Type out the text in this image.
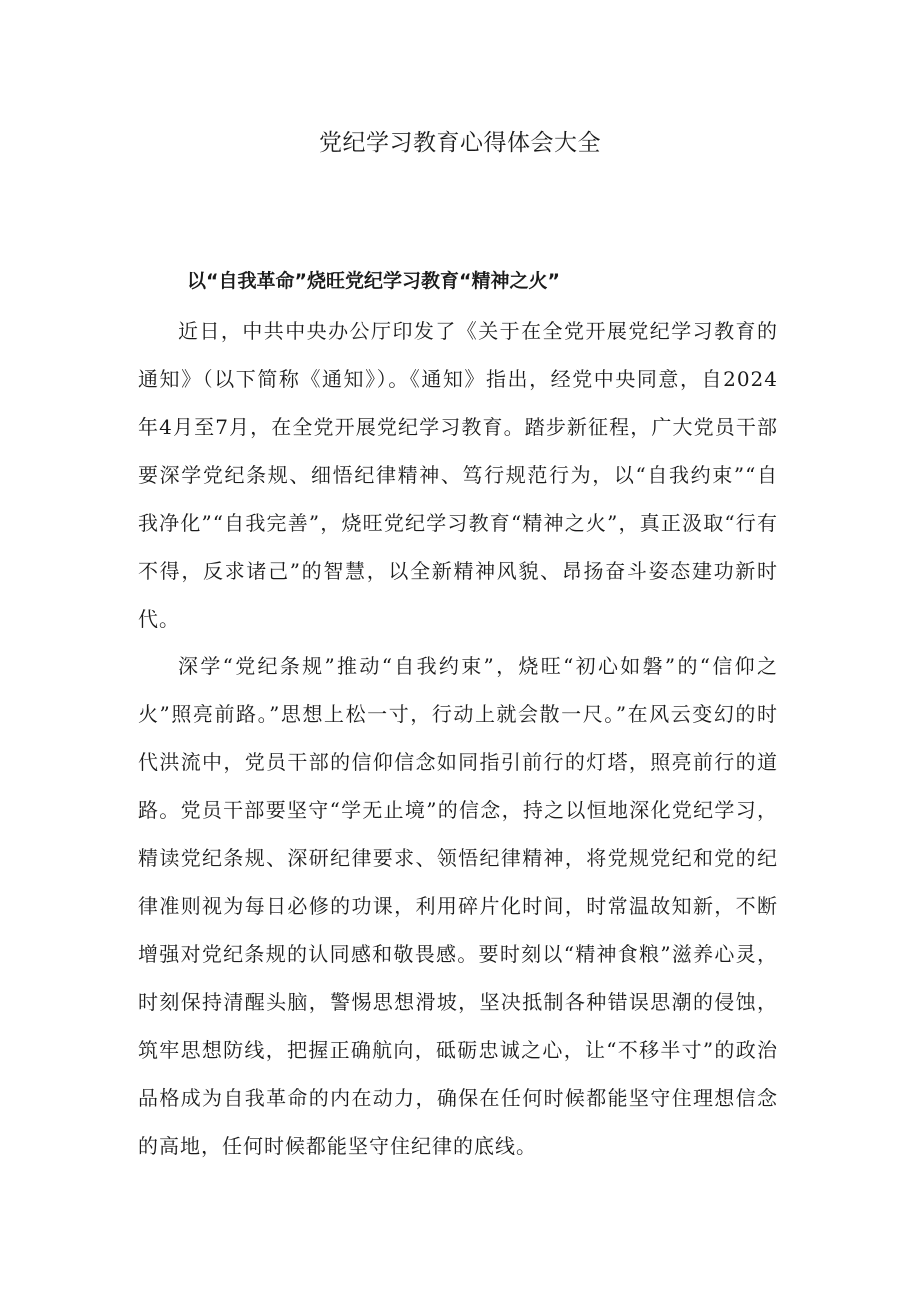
党纪学习教育心得体会大全
以“自我革命”烧旺党纪学习教育“精神之火”

近日，中共中央办公厅印发了《关于在全党开展党纪学习教育的通知》（以下简称《通知》）。《通知》指出，经党中央同意，自2024年4月至7月，在全党开展党纪学习教育。踏步新征程，广大党员干部要深学党纪条规、细悟纪律精神、笃行规范行为，以“自我约束”“自我净化”“自我完善”，烧旺党纪学习教育“精神之火”，真正汲取“行有不得，反求诸己”的智慧，以全新精神风貌、昂扬奋斗姿态建功新时代。

深学“党纪条规”推动“自我约束”，烧旺“初心如磐”的“信仰之火”照亮前路。”思想上松一寸，行动上就会散一尺。”在风云变幻的时代洪流中，党员干部的信仰信念如同指引前行的灯塔，照亮前行的道路。党员干部要坚守“学无止境”的信念，持之以恒地深化党纪学习，精读党纪条规、深研纪律要求、领悟纪律精神，将党规党纪和党的纪律准则视为每日必修的功课，利用碎片化时间，时常温故知新，不断增强对党纪条规的认同感和敬畏感。要时刻以“精神食粮”滋养心灵，时刻保持清醒头脑，警惕思想滑坡，坚决抵制各种错误思潮的侵蚀，筑牢思想防线，把握正确航向，砥砺忠诚之心，让“不移半寸”的政治品格成为自我革命的内在动力，确保在任何时候都能坚守住理想信念的高地，任何时候都能坚守住纪律的底线。
